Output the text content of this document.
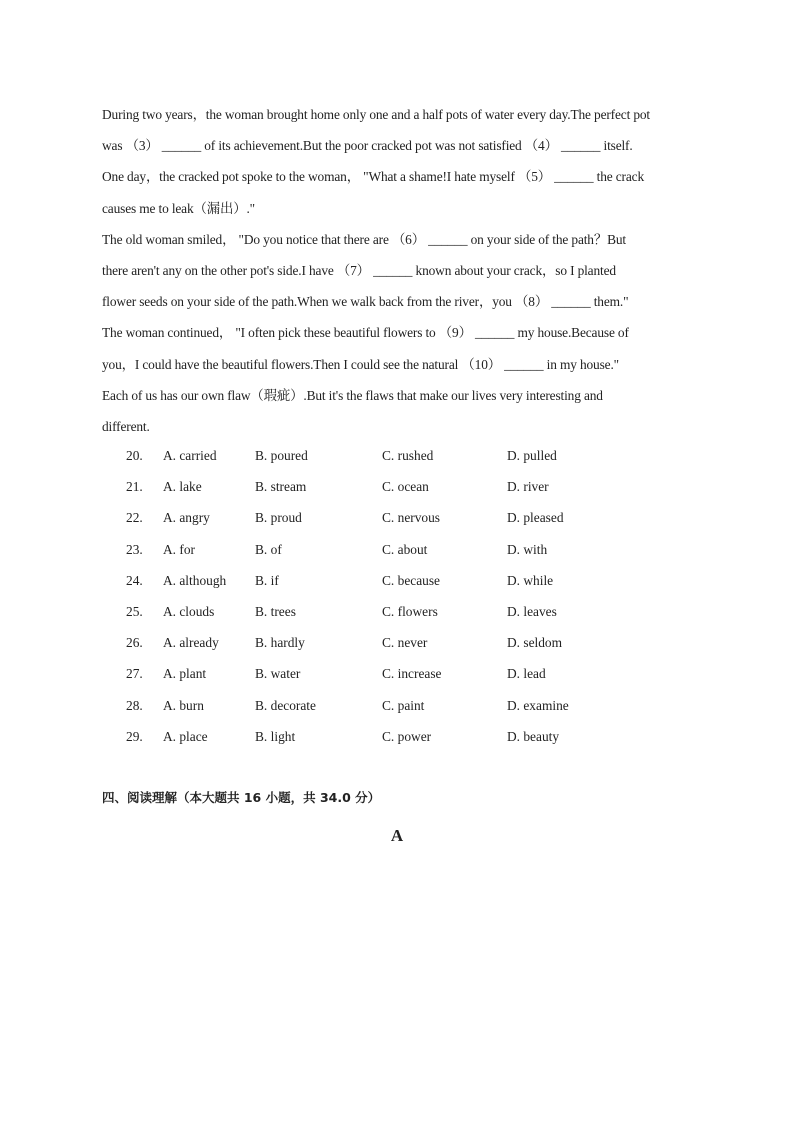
During two years，the woman brought home only one and a half pots of water every day.The perfect pot
was （3） ______ of its achievement.But the poor cracked pot was not satisfied （4） ______ itself.
One day，the cracked pot spoke to the woman， "What a shame!I hate myself （5） ______ the crack
causes me to leak（漏出）."
The old woman smiled， "Do you notice that there are （6） ______ on your side of the path？But
there aren't any on the other pot's side.I have （7） ______ known about your crack，so I planted
flower seeds on your side of the path.When we walk back from the river，you （8） ______ them."
The woman continued， "I often pick these beautiful flowers to （9） ______ my house.Because of
you，I could have the beautiful flowers.Then I could see the natural （10） ______ in my house."
Each of us has our own flaw（瑕疵）.But it's the flaws that make our lives very interesting and
different.
20.	A. carried	B. poured	C. rushed	D. pulled
21.	A. lake	B. stream	C. ocean	D. river
22.	A. angry	B. proud	C. nervous	D. pleased
23.	A. for	B. of	C. about	D. with
24.	A. although B. if	C. because	D. while
25.	A. clouds	B. trees	C. flowers	D. leaves
26.	A. already	B. hardly	C. never	D. seldom
27.	A. plant	B. water	C. increase	D. lead
28.	A. burn	B. decorate	C. paint	D. examine
29.	A. place	B. light	C. power	D. beauty
四、阅读理解（本大题共 16 小题，共 34.0 分）
A
